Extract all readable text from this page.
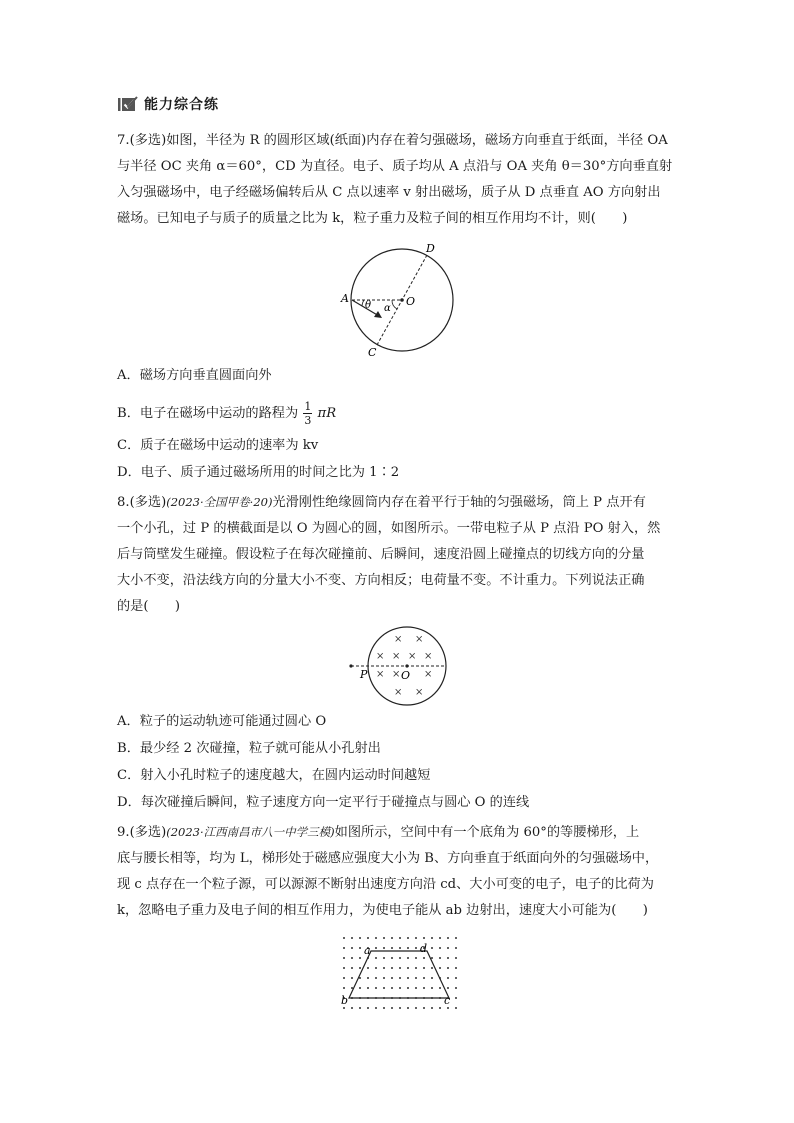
能力综合练
7.(多选)如图，半径为 R 的圆形区域(纸面)内存在着匀强磁场，磁场方向垂直于纸面，半径 OA
与半径 OC 夹角 α＝60°，CD 为直径。电子、质子均从 A 点沿与 OA 夹角 θ＝30°方向垂直射
入匀强磁场中，电子经磁场偏转后从 C 点以速率 v 射出磁场，质子从 D 点垂直 AO 方向射出
磁场。已知电子与质子的质量之比为 k，粒子重力及粒子间的相互作用均不计，则(　　)
A	O
D
C
θ α
A．磁场方向垂直圆面向外
B．电子在磁场中运动的路程为 $\frac{1}{3}$ πR
C．质子在磁场中运动的速率为 kv
D．电子、质子通过磁场所用的时间之比为 1∶2
8.(多选)(2023·全国甲卷·20)光滑刚性绝缘圆筒内存在着平行于轴的匀强磁场，筒上 P 点开有
一个小孔，过 P 的横截面是以 O 为圆心的圆，如图所示。一带电粒子从 P 点沿 PO 射入，然
后与筒壁发生碰撞。假设粒子在每次碰撞前、后瞬间，速度沿圆上碰撞点的切线方向的分量
大小不变，沿法线方向的分量大小不变、方向相反；电荷量不变。不计重力。下列说法正确
的是(　　)
× ×
× × × ×
× × ×
× ×
P	O
A．粒子的运动轨迹可能通过圆心 O
B．最少经 2 次碰撞，粒子就可能从小孔射出
C．射入小孔时粒子的速度越大，在圆内运动时间越短
D．每次碰撞后瞬间，粒子速度方向一定平行于碰撞点与圆心 O 的连线
9.(多选)(2023·江西南昌市八一中学三模)如图所示，空间中有一个底角为 60°的等腰梯形，上
底与腰长相等，均为 L，梯形处于磁感应强度大小为 B、方向垂直于纸面向外的匀强磁场中，
现 c 点存在一个粒子源，可以源源不断射出速度方向沿 cd、大小可变的电子，电子的比荷为
k，忽略电子重力及电子间的相互作用力，为使电子能从 ab 边射出，速度大小可能为(　　)
a	d
b	c
